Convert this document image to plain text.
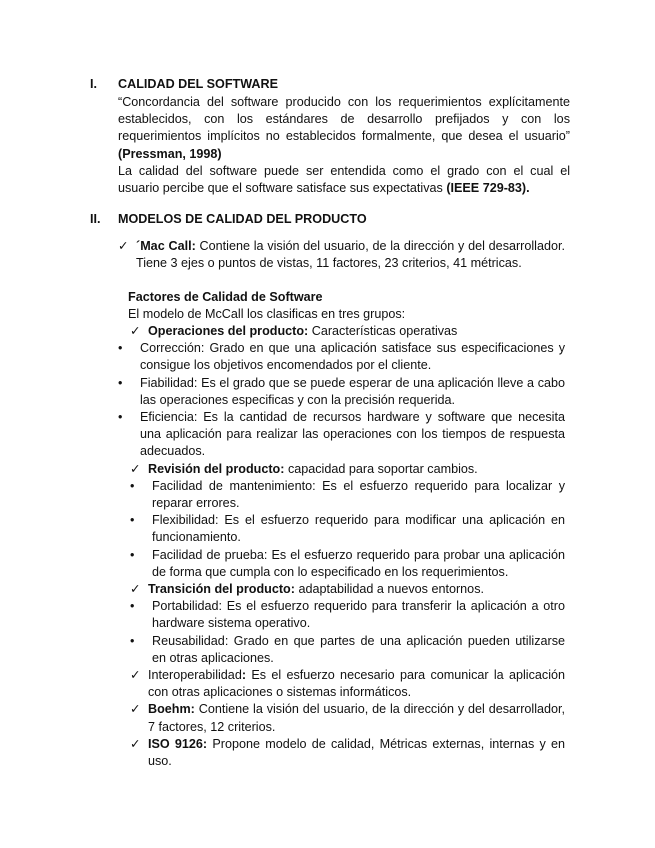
I.	CALIDAD DEL SOFTWARE
“Concordancia del software producido con los requerimientos explícitamente establecidos, con los estándares de desarrollo prefijados y con los requerimientos implícitos no establecidos formalmente, que desea el usuario” (Pressman, 1998)
La calidad del software puede ser entendida como el grado con el cual el usuario percibe que el software satisface sus expectativas (IEEE 729-83).
II.	MODELOS DE CALIDAD DEL PRODUCTO
✓ ´Mac Call: Contiene la visión del usuario, de la dirección y del desarrollador. Tiene 3 ejes o puntos de vistas, 11 factores, 23 criterios, 41 métricas.
Factores de Calidad de Software
El modelo de McCall los clasificas en tres grupos:
✓ Operaciones del producto: Características operativas
•	Corrección: Grado en que una aplicación satisface sus especificaciones y consigue los objetivos encomendados por el cliente.
•	Fiabilidad: Es el grado que se puede esperar de una aplicación lleve a cabo las operaciones especificas y con la precisión requerida.
•	Eficiencia: Es la cantidad de recursos hardware y software que necesita una aplicación para realizar las operaciones con los tiempos de respuesta adecuados.
✓ Revisión del producto: capacidad para soportar cambios.
•	Facilidad de mantenimiento: Es el esfuerzo requerido para localizar y reparar errores.
•	Flexibilidad: Es el esfuerzo requerido para modificar una aplicación en funcionamiento.
•	Facilidad de prueba: Es el esfuerzo requerido para probar una aplicación de forma que cumpla con lo especificado en los requerimientos.
✓ Transición del producto: adaptabilidad a nuevos entornos.
•	Portabilidad: Es el esfuerzo requerido para transferir la aplicación a otro hardware sistema operativo.
•	Reusabilidad: Grado en que partes de una aplicación pueden utilizarse en otras aplicaciones.
✓ Interoperabilidad: Es el esfuerzo necesario para comunicar la aplicación con otras aplicaciones o sistemas informáticos.
✓ Boehm: Contiene la visión del usuario, de la dirección y del desarrollador, 7 factores, 12 criterios.
✓ ISO 9126: Propone modelo de calidad, Métricas externas, internas y en uso.
